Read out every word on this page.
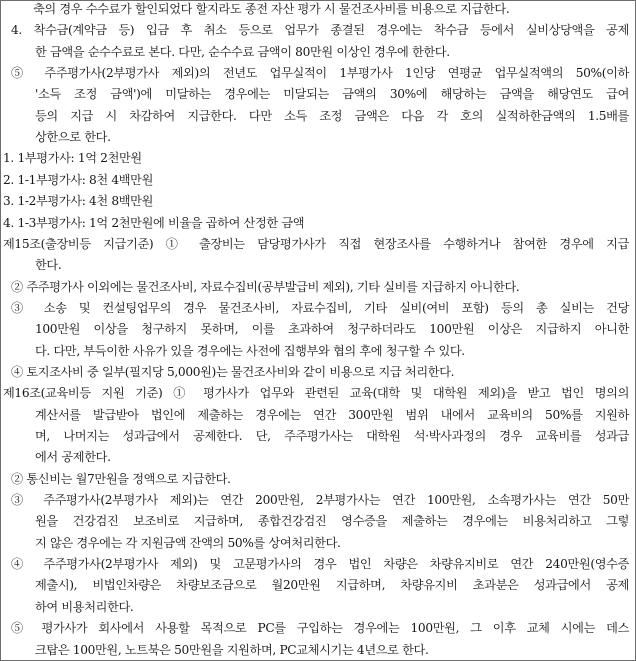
축의 경우 수수료가 할인되었다 할지라도 종전 자산 평가 시 물건조사비를 비용으로 지급한다.
4. 착수금(계약금 등) 입금 후 취소 등으로 업무가 종결된 경우에는 착수금 등에서 실비상당액을 공제
한 금액을 순수수료로 본다. 다만, 순수수료 금액이 80만원 이상인 경우에 한한다.
⑤ 주주평가사(2부평가사 제외)의 전년도 업무실적이 1부평가사 1인당 연평균 업무실적액의 50%(이하
'소득 조정 금액')에 미달하는 경우에는 미달되는 금액의 30%에 해당하는 금액을 해당연도 급여
등의 지급 시 차감하여 지급한다. 다만 소득 조정 금액은 다음 각 호의 실적하한금액의 1.5배를
상한으로 한다.
1. 1부평가사: 1억 2천만원
2. 1-1부평가사: 8천 4백만원
3. 1-2부평가사: 4천 8백만원
4. 1-3부평가사: 1억 2천만원에 비율을 곱하여 산정한 금액
제15조(출장비등 지급기준) ① 출장비는 담당평가사가 직접 현장조사를 수행하거나 참여한 경우에 지급
한다.
② 주주평가사 이외에는 물건조사비, 자료수집비(공부발급비 제외), 기타 실비를 지급하지 아니한다.
③ 소송 및 컨설팅업무의 경우 물건조사비, 자료수집비, 기타 실비(여비 포함) 등의 총 실비는 건당
100만원 이상을 청구하지 못하며, 이를 초과하여 청구하더라도 100만원 이상은 지급하지 아니한
다. 다만, 부득이한 사유가 있을 경우에는 사전에 집행부와 협의 후에 청구할 수 있다.
④ 토지조사비 중 일부(필지당 5,000원)는 물건조사비와 같이 비용으로 지급 처리한다.
제16조(교육비등 지원 기준) ① 평가사가 업무와 관련된 교육(대학 및 대학원 제외)을 받고 법인 명의의
계산서를 발급받아 법인에 제출하는 경우에는 연간 300만원 범위 내에서 교육비의 50%를 지원하
며, 나머지는 성과급에서 공제한다. 단, 주주평가사는 대학원 석·박사과정의 경우 교육비를 성과급
에서 공제한다.
② 통신비는 월7만원을 정액으로 지급한다.
③ 주주평가사(2부평가사 제외)는 연간 200만원, 2부평가사는 연간 100만원, 소속평가사는 연간 50만
원을 건강검진 보조비로 지급하며, 종합건강검진 영수증을 제출하는 경우에는 비용처리하고 그렇
지 않은 경우에는 각 지원금액 잔액의 50%를 상여처리한다.
④ 주주평가사(2부평가사 제외) 및 고문평가사의 경우 법인 차량은 차량유지비로 연간 240만원(영수증
제출시), 비법인차량은 차량보조금으로 월20만원 지급하며, 차량유지비 초과분은 성과급에서 공제
하여 비용처리한다.
⑤ 평가사가 회사에서 사용할 목적으로 PC를 구입하는 경우에는 100만원, 그 이후 교체 시에는 데스
크탑은 100만원, 노트북은 50만원을 지원하며, PC교체시기는 4년으로 한다.
